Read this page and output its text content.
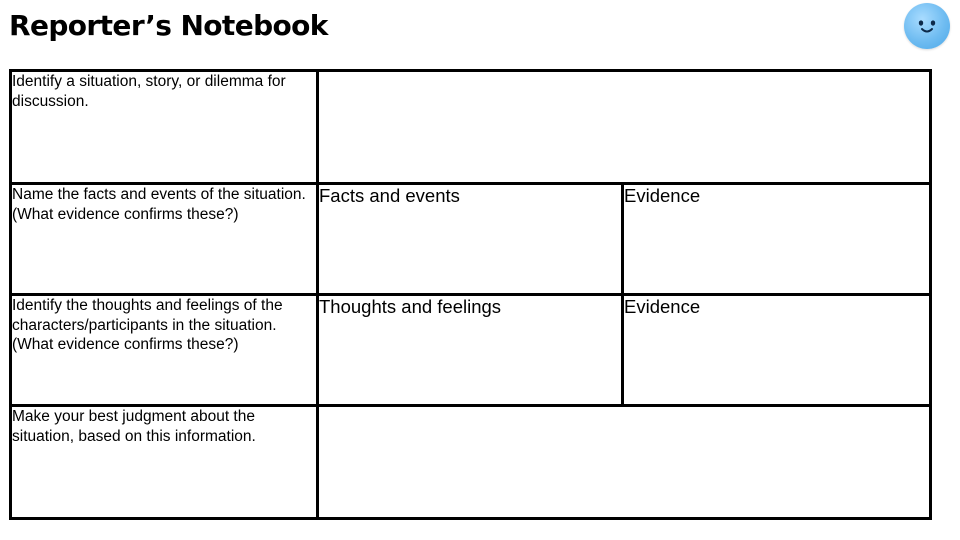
Reporter’s Notebook
Identify a situation, story, or dilemma for discussion.		

Name the facts and events of the situation.
(What evidence confirms these?)	Facts and events	Evidence

Identify the thoughts and feelings of the characters/participants in the situation.
(What evidence confirms these?)	Thoughts and feelings	Evidence

Make your best judgment about the situation, based on this information.		
